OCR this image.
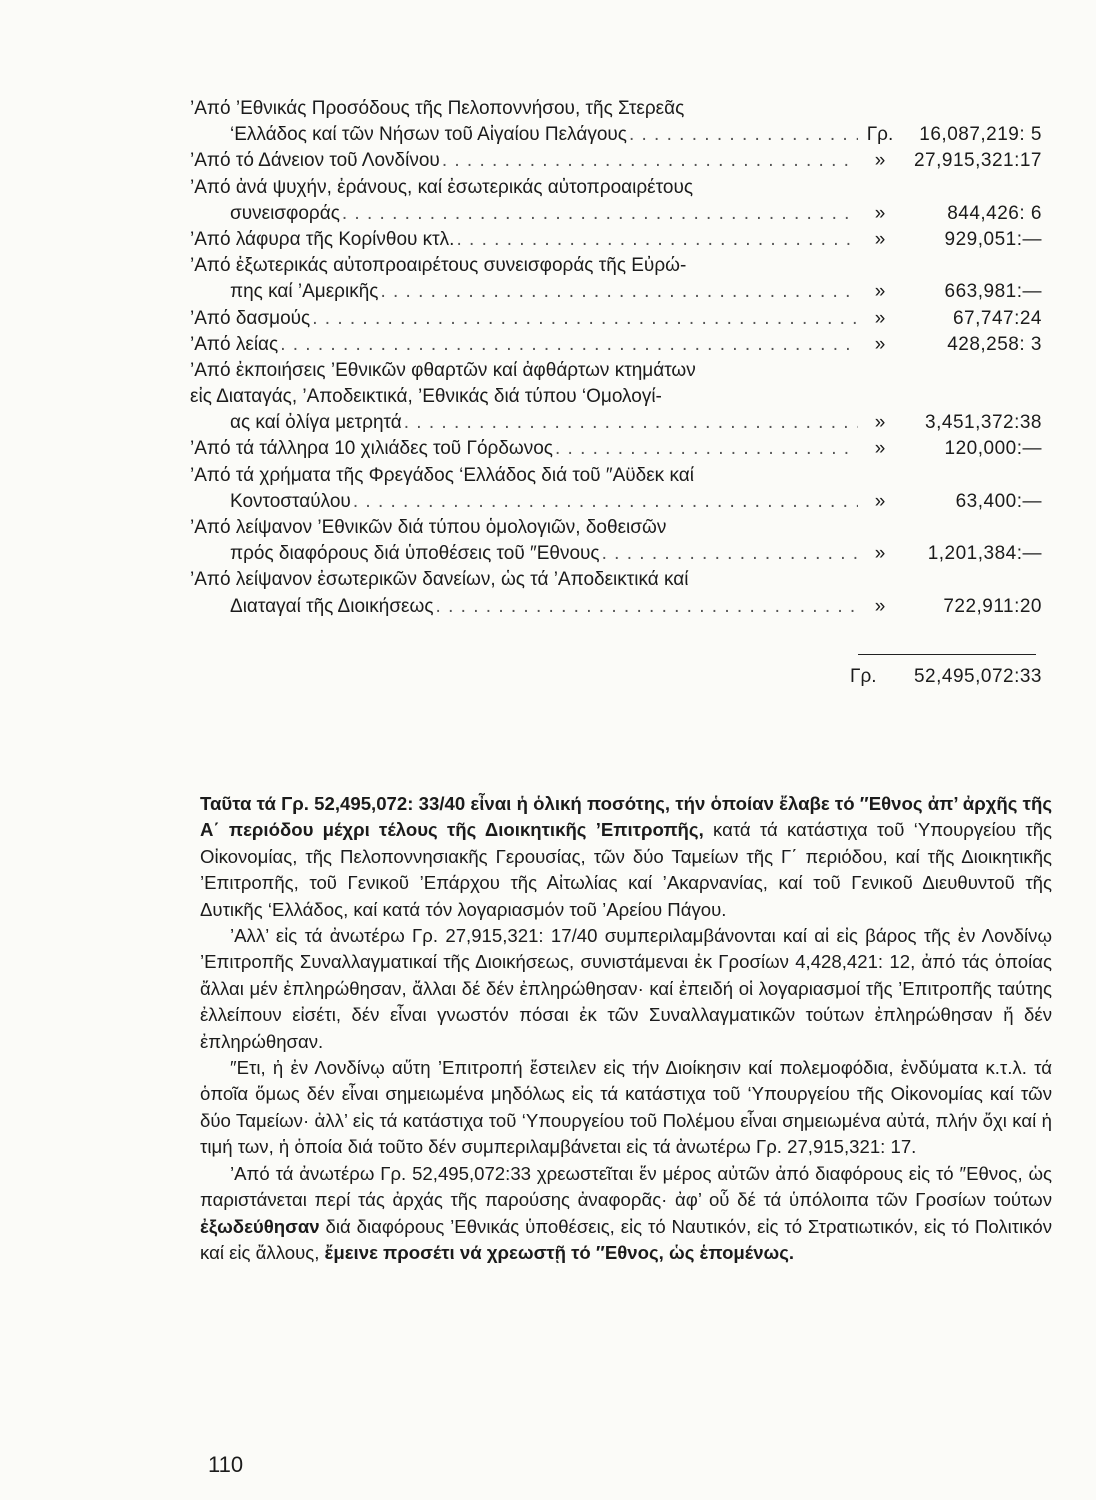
’Από ’Εθνικάς Προσόδους τῆς Πελοποννήσου, τῆς Στερεᾶς
‘Ελλάδος καί τῶν Νήσων τοῦ Αἰγαίου Πελάγους . . .	Γρ.	16,087,219: 5
’Από τό Δάνειον τοῦ Λονδίνου . . .	»	27,915,321:17
’Από ἀνά ψυχήν, ἐράνους, καί ἐσωτερικάς αὐτοπροαιρέτους
συνεισφοράς . . .	»	844,426: 6
’Από λάφυρα τῆς Κορίνθου κτλ. . . .	»	929,051:—
’Από ἐξωτερικάς αὐτοπροαιρέτους συνεισφοράς τῆς Εὐρώ-
πης καί ’Αμερικῆς . . .	»	663,981:—
’Από δασμούς . . .	»	67,747:24
’Από λείας . . .	»	428,258: 3
’Από ἐκποιήσεις ’Εθνικῶν φθαρτῶν καί ἀφθάρτων κτημάτων
εἰς Διαταγάς, ’Αποδεικτικά, ’Εθνικάς διά τύπου ‘Ομολογί-
ας καί ὀλίγα μετρητά . . .	»	3,451,372:38
’Από τά τάλληρα 10 χιλιάδες τοῦ Γόρδωνος . . .	»	120,000:—
’Από τά χρήματα τῆς Φρεγάδος ‘Ελλάδος διά τοῦ ″Αϋδεκ καί
Κοντοσταύλου . . .	»	63,400:—
’Από λείψανον ’Εθνικῶν διά τύπου ὁμολογιῶν, δοθεισῶν
πρός διαφόρους διά ὑποθέσεις τοῦ ″Εθνους . . .	»	1,201,384:—
’Από λείψανον ἐσωτερικῶν δανείων, ὡς τά ’Αποδεικτικά καί
Διαταγαί τῆς Διοικήσεως . . .	»	722,911:20
Γρ. 52,495,072:33

Ταῦτα τά Γρ. 52,495,072: 33/40 εἶναι ἡ ὁλική ποσότης, τήν ὁποίαν ἔλαβε τό ″Εθνος ἀπ’ ἀρχῆς τῆς Α΄ περιόδου μέχρι τέλους τῆς Διοικητικῆς ’Επιτροπῆς, κατά τά κατάστιχα τοῦ ‘Υπουργείου τῆς Οἰκονομίας, τῆς Πελοποννησιακῆς Γερουσίας, τῶν δύο Ταμείων τῆς Γ΄ περιόδου, καί τῆς Διοικητικῆς ’Επιτροπῆς, τοῦ Γενικοῦ ’Επάρχου τῆς Αἰτωλίας καί ’Ακαρνανίας, καί τοῦ Γενικοῦ Διευθυντοῦ τῆς Δυτικῆς ‘Ελλάδος, καί κατά τόν λογαριασμόν τοῦ ’Αρείου Πάγου.

’Αλλ’ εἰς τά ἀνωτέρω Γρ. 27,915,321: 17/40 συμπεριλαμβάνονται καί αἱ εἰς βάρος τῆς ἐν Λονδίνῳ ’Επιτροπῆς Συναλλαγματικαί τῆς Διοικήσεως, συνιστάμεναι ἐκ Γροσίων 4,428,421: 12, ἀπό τάς ὁποίας ἄλλαι μέν ἐπληρώθησαν, ἄλλαι δέ δέν ἐπληρώθησαν· καί ἐπειδή οἱ λογαριασμοί τῆς ’Επιτροπῆς ταύτης ἐλλείπουν εἰσέτι, δέν εἶναι γνωστόν πόσαι ἐκ τῶν Συναλλαγματικῶν τούτων ἐπληρώθησαν ἤ δέν ἐπληρώθησαν.

″Ετι, ἡ ἐν Λονδίνῳ αὕτη ’Επιτροπή ἔστειλεν εἰς τήν Διοίκησιν καί πολεμοφόδια, ἐνδύματα κ.τ.λ. τά ὁποῖα ὅμως δέν εἶναι σημειωμένα μηδόλως εἰς τά κατάστιχα τοῦ ‘Υπουργείου τῆς Οἰκονομίας καί τῶν δύο Ταμείων· ἀλλ’ εἰς τά κατάστιχα τοῦ ‘Υπουργείου τοῦ Πολέμου εἶναι σημειωμένα αὐτά, πλήν ὄχι καί ἡ τιμή των, ἡ ὁποία διά τοῦτο δέν συμπεριλαμβάνεται εἰς τά ἀνωτέρω Γρ. 27,915,321: 17.

’Από τά ἀνωτέρω Γρ. 52,495,072:33 χρεωστεῖται ἕν μέρος αὐτῶν ἀπό διαφόρους εἰς τό ″Εθνος, ὡς παριστάνεται περί τάς ἀρχάς τῆς παρούσης ἀναφορᾶς· ἀφ’ οὗ δέ τά ὑπόλοιπα τῶν Γροσίων τούτων ἐξωδεύθησαν διά διαφόρους ’Εθνικάς ὑποθέσεις, εἰς τό Ναυτικόν, εἰς τό Στρατιωτικόν, εἰς τό Πολιτικόν καί εἰς ἄλλους, ἔμεινε προσέτι νά χρεωστῇ τό ″Εθνος, ὡς ἑπομένως.

110
